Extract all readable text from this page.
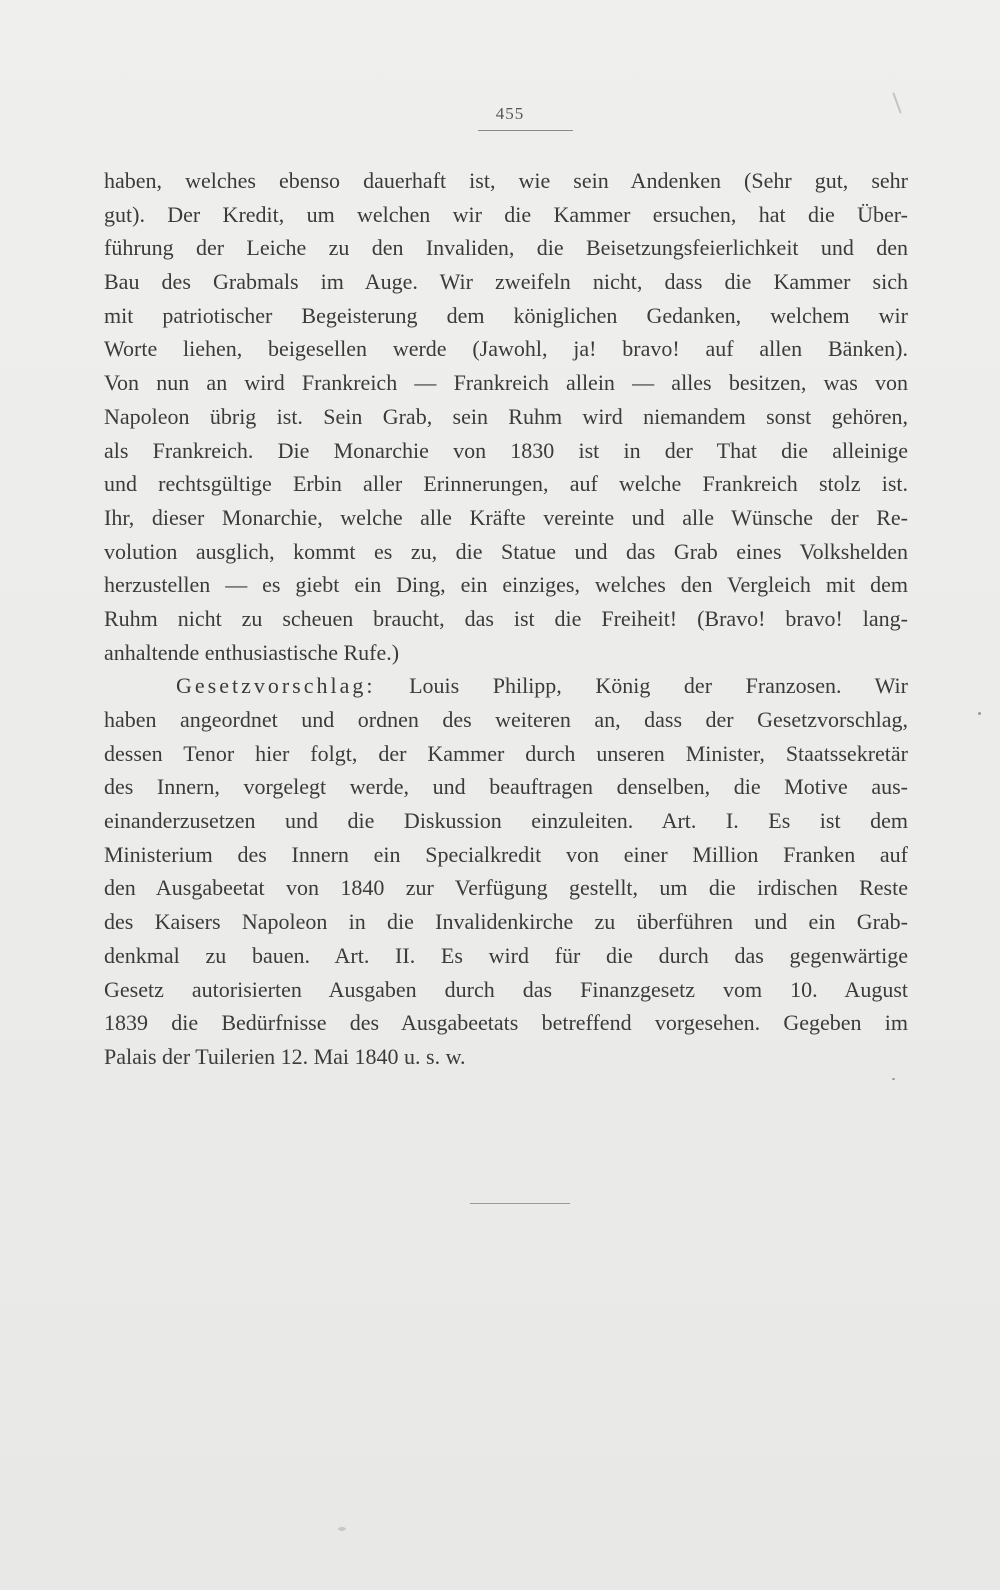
455
haben, welches ebenso dauerhaft ist, wie sein Andenken (Sehr gut, sehr
gut). Der Kredit, um welchen wir die Kammer ersuchen, hat die Über-
führung der Leiche zu den Invaliden, die Beisetzungsfeierlichkeit und den
Bau des Grabmals im Auge. Wir zweifeln nicht, dass die Kammer sich
mit patriotischer Begeisterung dem königlichen Gedanken, welchem wir
Worte liehen, beigesellen werde (Jawohl, ja! bravo! auf allen Bänken).
Von nun an wird Frankreich — Frankreich allein — alles besitzen, was von
Napoleon übrig ist. Sein Grab, sein Ruhm wird niemandem sonst gehören,
als Frankreich. Die Monarchie von 1830 ist in der That die alleinige
und rechtsgültige Erbin aller Erinnerungen, auf welche Frankreich stolz ist.
Ihr, dieser Monarchie, welche alle Kräfte vereinte und alle Wünsche der Re-
volution ausglich, kommt es zu, die Statue und das Grab eines Volkshelden
herzustellen — es giebt ein Ding, ein einziges, welches den Vergleich mit dem
Ruhm nicht zu scheuen braucht, das ist die Freiheit! (Bravo! bravo! lang-
anhaltende enthusiastische Rufe.)
Gesetzvorschlag: Louis Philipp, König der Franzosen. Wir
haben angeordnet und ordnen des weiteren an, dass der Gesetzvorschlag,
dessen Tenor hier folgt, der Kammer durch unseren Minister, Staatssekretär
des Innern, vorgelegt werde, und beauftragen denselben, die Motive aus-
einanderzusetzen und die Diskussion einzuleiten. Art. I. Es ist dem
Ministerium des Innern ein Specialkredit von einer Million Franken auf
den Ausgabeetat von 1840 zur Verfügung gestellt, um die irdischen Reste
des Kaisers Napoleon in die Invalidenkirche zu überführen und ein Grab-
denkmal zu bauen. Art. II. Es wird für die durch das gegenwärtige
Gesetz autorisierten Ausgaben durch das Finanzgesetz vom 10. August
1839 die Bedürfnisse des Ausgabeetats betreffend vorgesehen. Gegeben im
Palais der Tuilerien 12. Mai 1840 u. s. w.
